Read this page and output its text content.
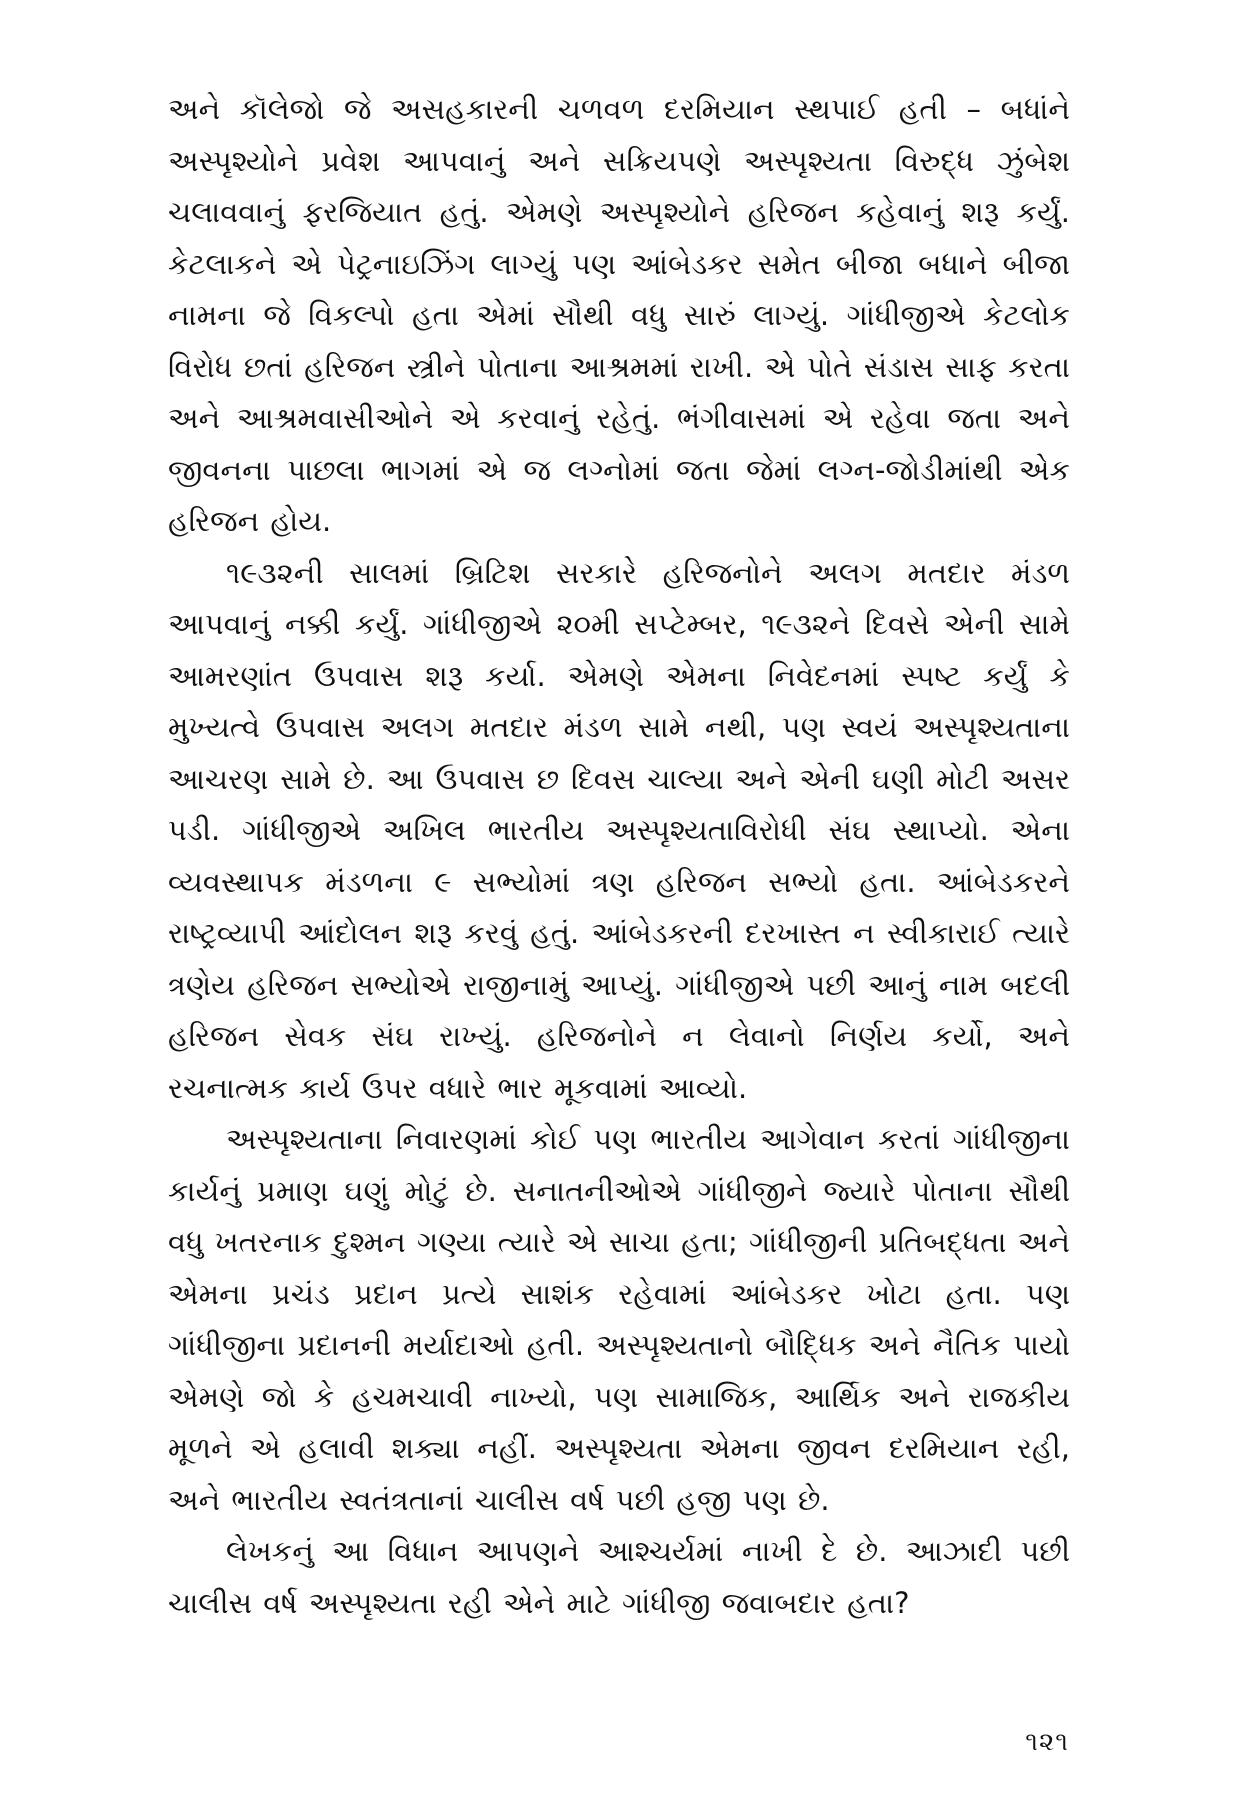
અને કૉલેજો જે અસહકારની ચળવળ દરમિયાન સ્થપાઈ હતી – બધાંને અસ્પૃશ્યોને પ્રવેશ આપવાનું અને સક્રિયપણે અસ્પૃશ્યતા વિરુદ્ધ ઝુંબેશ ચલાવવાનું ફરજિયાત હતું. એમણે અસ્પૃશ્યોને હરિજન કહેવાનું શરૂ કર્યું. કેટલાકને એ પેટ્રનાઇઝિંગ લાગ્યું પણ આંબેડકર સમેત બીજા બધાને બીજા નામના જે વિકલ્પો હતા એમાં સૌથી વધુ સારું લાગ્યું. ગાંધીજીએ કેટલોક વિરોધ છતાં હરિજન સ્ત્રીને પોતાના આશ્રમમાં રાખી. એ પોતે સંડાસ સાફ કરતા અને આશ્રમવાસીઓને એ કરવાનું રહેતું. ભંગીવાસમાં એ રહેવા જતા અને જીવનના પાછલા ભાગમાં એ જ લગ્નોમાં જતા જેમાં લગ્ન-જોડીમાંથી એક હરિજન હોય.

૧૯૩૨ની સાલમાં બ્રિટિશ સરકારે હરિજનોને અલગ મતદાર મંડળ આપવાનું નક્કી કર્યું. ગાંધીજીએ ૨૦મી સપ્ટેમ્બર, ૧૯૩૨ને દિવસે એની સામે આમરણાંત ઉપવાસ શરૂ કર્યા. એમણે એમના નિવેદનમાં સ્પષ્ટ કર્યું કે મુખ્યત્વે ઉપવાસ અલગ મતદાર મંડળ સામે નથી, પણ સ્વયં અસ્પૃશ્યતાના આચરણ સામે છે. આ ઉપવાસ છ દિવસ ચાલ્યા અને એની ઘણી મોટી અસર પડી. ગાંધીજીએ અખિલ ભારતીય અસ્પૃશ્યતાવિરોધી સંઘ સ્થાપ્યો. એના વ્યવસ્થાપક મંડળના ૯ સભ્યોમાં ત્રણ હરિજન સભ્યો હતા. આંબેડકરને રાષ્ટ્રવ્યાપી આંદોલન શરૂ કરવું હતું. આંબેડકરની દરખાસ્ત ન સ્વીકારાઈ ત્યારે ત્રણેય હરિજન સભ્યોએ રાજીનામું આપ્યું. ગાંધીજીએ પછી આનું નામ બદલી હરિજન સેવક સંઘ રાખ્યું. હરિજનોને ન લેવાનો નિર્ણય કર્યો, અને રચનાત્મક કાર્ય ઉપર વધારે ભાર મૂકવામાં આવ્યો.

અસ્પૃશ્યતાના નિવારણમાં કોઈ પણ ભારતીય આગેવાન કરતાં ગાંધીજીના કાર્યનું પ્રમાણ ઘણું મોટું છે. સનાતનીઓએ ગાંધીજીને જ્યારે પોતાના સૌથી વધુ ખતરનાક દુશ્મન ગણ્યા ત્યારે એ સાચા હતા; ગાંધીજીની પ્રતિબદ્ધતા અને એમના પ્રચંડ પ્રદાન પ્રત્યે સાશંક રહેવામાં આંબેડકર ખોટા હતા. પણ ગાંધીજીના પ્રદાનની મર્યાદાઓ હતી. અસ્પૃશ્યતાનો બૌદ્ધિક અને નૈતિક પાયો એમણે જો કે હચમચાવી નાખ્યો, પણ સામાજિક, આર્થિક અને રાજકીય મૂળને એ હલાવી શક્યા નહીં. અસ્પૃશ્યતા એમના જીવન દરમિયાન રહી, અને ભારતીય સ્વતંત્રતાનાં ચાલીસ વર્ષ પછી હજી પણ છે.

લેખકનું આ વિધાન આપણને આશ્ચર્યમાં નાખી દે છે. આઝાદી પછી ચાલીસ વર્ષ અસ્પૃશ્યતા રહી એને માટે ગાંધીજી જવાબદાર હતા?

૧૨૧
